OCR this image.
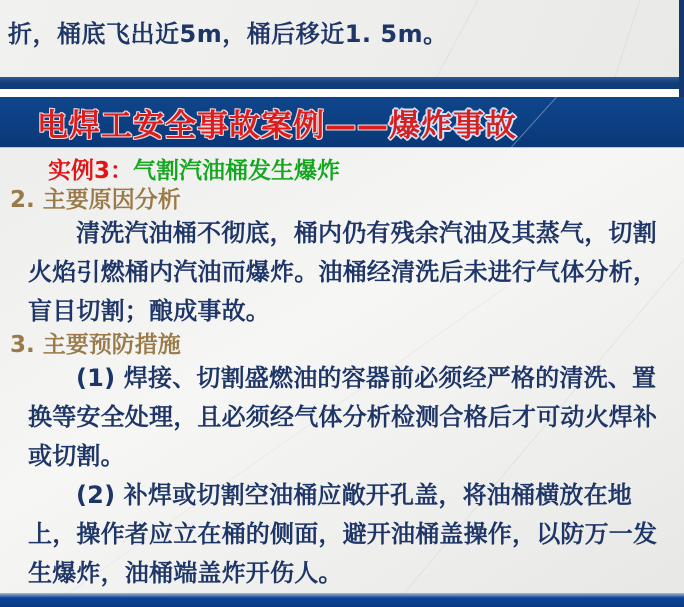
折，桶底飞出近5m，桶后移近1. 5m。
电焊工安全事故案例——爆炸事故
实例3：气割汽油桶发生爆炸
2. 主要原因分析

清洗汽油桶不彻底，桶内仍有残余汽油及其蒸气，切割火焰引燃桶内汽油而爆炸。油桶经清洗后未进行气体分析，盲目切割；酿成事故。

3. 主要预防措施

(1) 焊接、切割盛燃油的容器前必须经严格的清洗、置换等安全处理，且必须经气体分析检测合格后才可动火焊补或切割。

(2) 补焊或切割空油桶应敞开孔盖，将油桶横放在地上，操作者应立在桶的侧面，避开油桶盖操作，以防万一发生爆炸，油桶端盖炸开伤人。
